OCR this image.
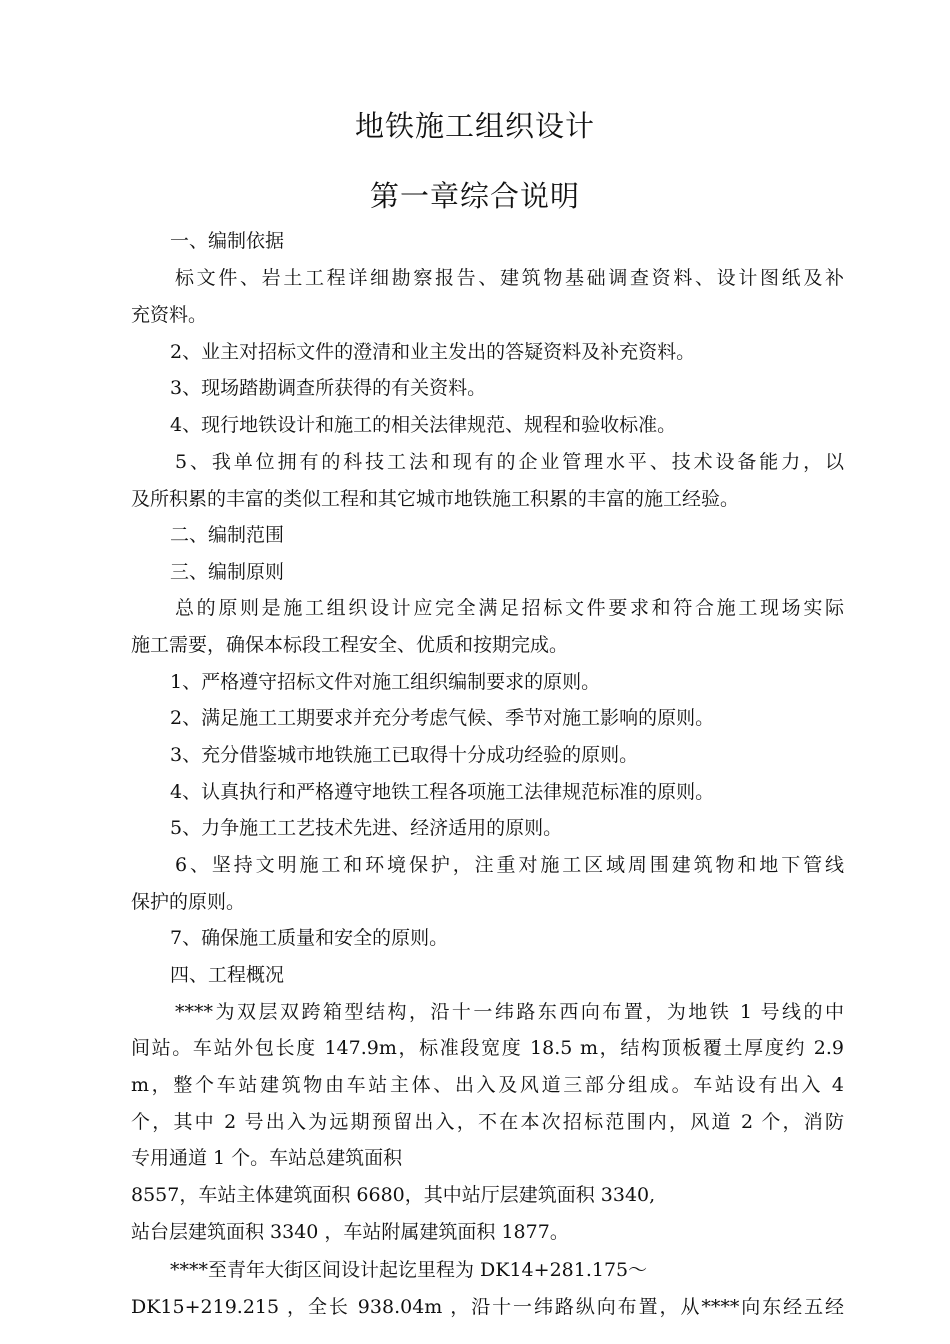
地铁施工组织设计
第一章综合说明
一、编制依据
标文件、岩土工程详细勘察报告、建筑物基础调查资料、设计图纸及补
充资料。
2、业主对招标文件的澄清和业主发出的答疑资料及补充资料。
3、现场踏勘调查所获得的有关资料。
4、现行地铁设计和施工的相关法律规范、规程和验收标准。
5、我单位拥有的科技工法和现有的企业管理水平、技术设备能力，以
及所积累的丰富的类似工程和其它城市地铁施工积累的丰富的施工经验。
二、编制范围
三、编制原则
总的原则是施工组织设计应完全满足招标文件要求和符合施工现场实际
施工需要，确保本标段工程安全、优质和按期完成。
1、严格遵守招标文件对施工组织编制要求的原则。
2、满足施工工期要求并充分考虑气候、季节对施工影响的原则。
3、充分借鉴城市地铁施工已取得十分成功经验的原则。
4、认真执行和严格遵守地铁工程各项施工法律规范标准的原则。
5、力争施工工艺技术先进、经济适用的原则。
6、坚持文明施工和环境保护，注重对施工区域周围建筑物和地下管线
保护的原则。
7、确保施工质量和安全的原则。
四、工程概况
****为双层双跨箱型结构，沿十一纬路东西向布置，为地铁 1 号线的中
间站。车站外包长度 147.9m，标准段宽度 18.5 m，结构顶板覆土厚度约 2.9
m，整个车站建筑物由车站主体、出入及风道三部分组成。车站设有出入 4
个，其中 2 号出入为远期预留出入，不在本次招标范围内，风道 2 个，消防
专用通道 1 个。车站总建筑面积
8557，车站主体建筑面积 6680，其中站厅层建筑面积 3340,
站台层建筑面积 3340 ，车站附属建筑面积 1877。
****至青年大街区间设计起讫里程为 DK14+281.175～
DK15+219.215 ，全长 938.04m ，沿十一纬路纵向布置，从****向东经五经
